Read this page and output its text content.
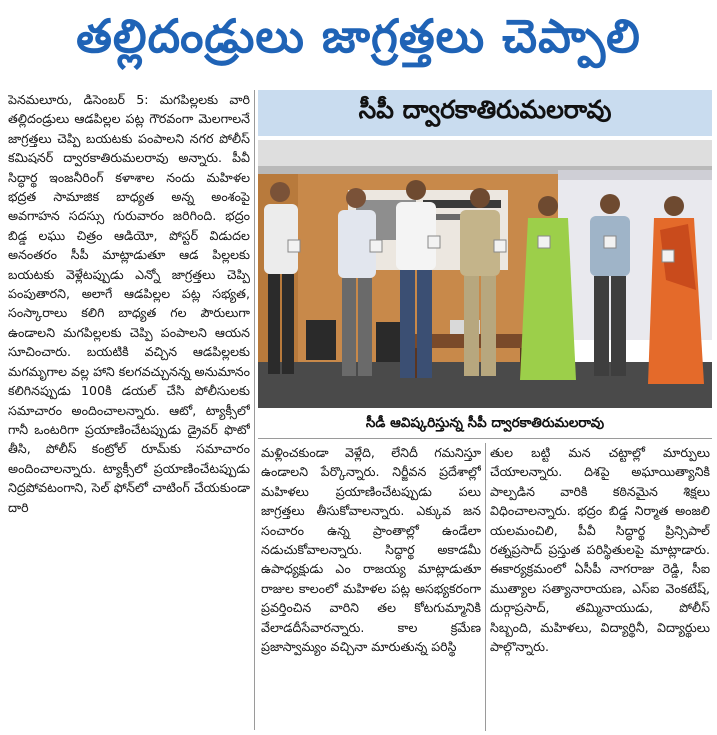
తల్లిదండ్రులు జాగ్రత్తలు చెప్పాలి

పెనమలూరు, డిసెంబర్ 5: మగపిల్లలకు వారి తల్లిదండ్రులు ఆడపిల్లల పట్ల గౌరవంగా మెలగాలనే జాగ్రత్తలు చెప్పి బయటకు పంపాలని నగర పోలీస్ కమిషనర్ ద్వారకాతిరుమలరావు అన్నారు. పీవీ సిద్ధార్థ ఇంజనీరింగ్ కళాశాల నందు మహిళల భద్రత సామాజిక బాధ్యత అన్న అంశంపై అవగాహన సదస్సు గురువారం జరిగింది. భద్రం బిడ్డ లఘు చిత్రం ఆడియో, పోస్టర్ విడుదల అనంతరం సీపీ మాట్లాడుతూ ఆడ పిల్లలకు బయటకు వెళ్లేటప్పుడు ఎన్నో జాగ్రత్తలు చెప్పి పంపుతారని, అలాగే ఆడపిల్లల పట్ల సభ్యత, సంస్కారాలు కలిగి బాధ్యత గల పౌరులుగా ఉండాలని మగపిల్లలకు చెప్పి పంపాలని ఆయన సూచించారు. బయటికి వచ్చిన ఆడపిల్లలకు మగమృగాల వల్ల హాని కలగవచ్చునన్న అనుమానం కలిగినప్పుడు 100కి డయల్ చేసి పోలీసులకు సమాచారం అందించాలన్నారు. ఆటో, ట్యాక్సీలో గానీ ఒంటరిగా ప్రయాణించేటప్పుడు డ్రైవర్ ఫొటో తీసి, పోలీస్ కంట్రోల్ రూమ్‌కు సమాచారం అందించాలన్నారు. ట్యాక్సీలో ప్రయాణించేటప్పుడు నిద్రపోవటంగాని, సెల్ ఫోన్‌లో చాటింగ్ చేయకుండా దారి

సీపీ ద్వారకాతిరుమలరావు
సీడీ ఆవిష్కరిస్తున్న సీపీ ద్వారకాతిరుమలరావు

మళ్లించకుండా వెళ్లేది, లేనిదీ గమనిస్తూ ఉండాలని పేర్కొన్నారు. నిర్జీవన ప్రదేశాల్లో మహిళలు ప్రయాణించేటప్పుడు పలు జాగ్రత్తలు తీసుకోవాలన్నారు. ఎక్కువ జన సంచారం ఉన్న ప్రాంతాల్లో ఉండేలా నడుచుకోవాలన్నారు. సిద్ధార్థ అకాడమీ ఉపాధ్యక్షుడు ఎం రాజయ్య మాట్లాడుతూ రాజుల కాలంలో మహిళల పట్ల అసభ్యకరంగా ప్రవర్తించిన వారిని తల కోటగుమ్మానికి వేలాడదీసేవారన్నారు. కాల క్రమేణ ప్రజాస్వామ్యం వచ్చినా మారుతున్న పరిస్థి

తుల బట్టి మన చట్టాల్లో మార్పులు చేయాలన్నారు. దిశపై అఘాయిత్యానికి పాల్పడిన వారికి కఠినమైన శిక్షలు విధించాలన్నారు. భద్రం బిడ్డ నిర్మాత అంజలి యలమంచిలి, పీవీ సిద్ధార్థ ప్రిన్సిపాల్ రత్నప్రసాద్ ప్రస్తుత పరిస్థితులపై మాట్లాడారు. ఈకార్యక్రమంలో ఏసీపీ నాగరాజు రెడ్డి, సీఐ ముత్యాల సత్యానారాయణ, ఎస్ఐ వెంకటేష్, దుర్గాప్రసాద్, తమ్మినాయుడు, పోలీస్ సిబ్బంది, మహిళలు, విద్యార్థినీ, విద్యార్థులు పాల్గొన్నారు.
